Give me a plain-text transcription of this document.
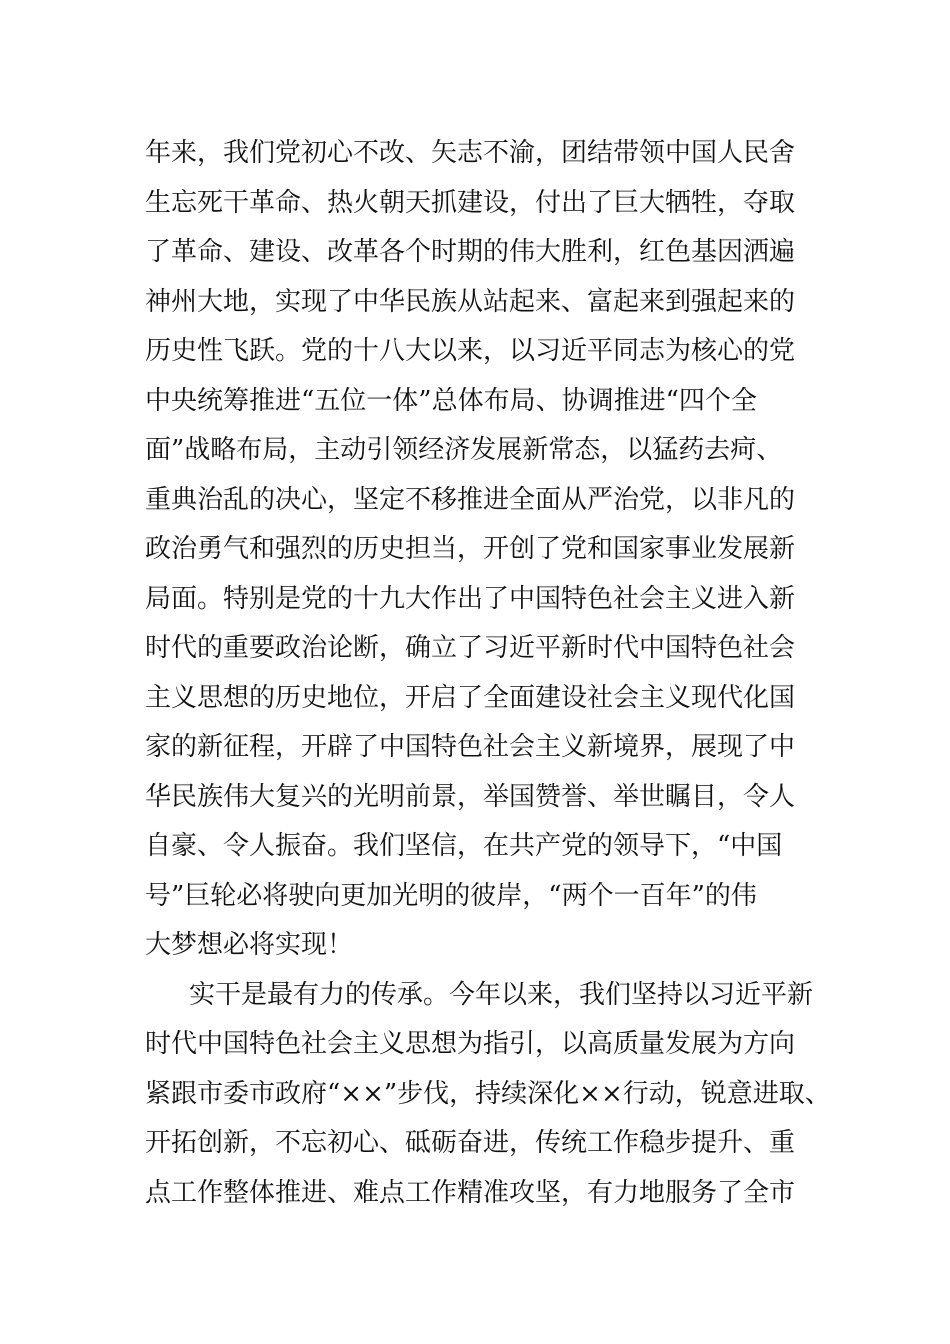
年来，我们党初心不改、矢志不渝，团结带领中国人民舍
生忘死干革命、热火朝天抓建设，付出了巨大牺牲，夺取
了革命、建设、改革各个时期的伟大胜利，红色基因洒遍
神州大地，实现了中华民族从站起来、富起来到强起来的
历史性飞跃。党的十八大以来，以习近平同志为核心的党
中央统筹推进“五位一体”总体布局、协调推进“四个全
面”战略布局，主动引领经济发展新常态，以猛药去疴、
重典治乱的决心，坚定不移推进全面从严治党，以非凡的
政治勇气和强烈的历史担当，开创了党和国家事业发展新
局面。特别是党的十九大作出了中国特色社会主义进入新
时代的重要政治论断，确立了习近平新时代中国特色社会
主义思想的历史地位，开启了全面建设社会主义现代化国
家的新征程，开辟了中国特色社会主义新境界，展现了中
华民族伟大复兴的光明前景，举国赞誉、举世瞩目，令人
自豪、令人振奋。我们坚信，在共产党的领导下，“中国
号”巨轮必将驶向更加光明的彼岸，“两个一百年”的伟
大梦想必将实现！
实干是最有力的传承。今年以来，我们坚持以习近平新
时代中国特色社会主义思想为指引，以高质量发展为方向
紧跟市委市政府“××”步伐，持续深化××行动，锐意进取、
开拓创新，不忘初心、砥砺奋进，传统工作稳步提升、重
点工作整体推进、难点工作精准攻坚，有力地服务了全市
